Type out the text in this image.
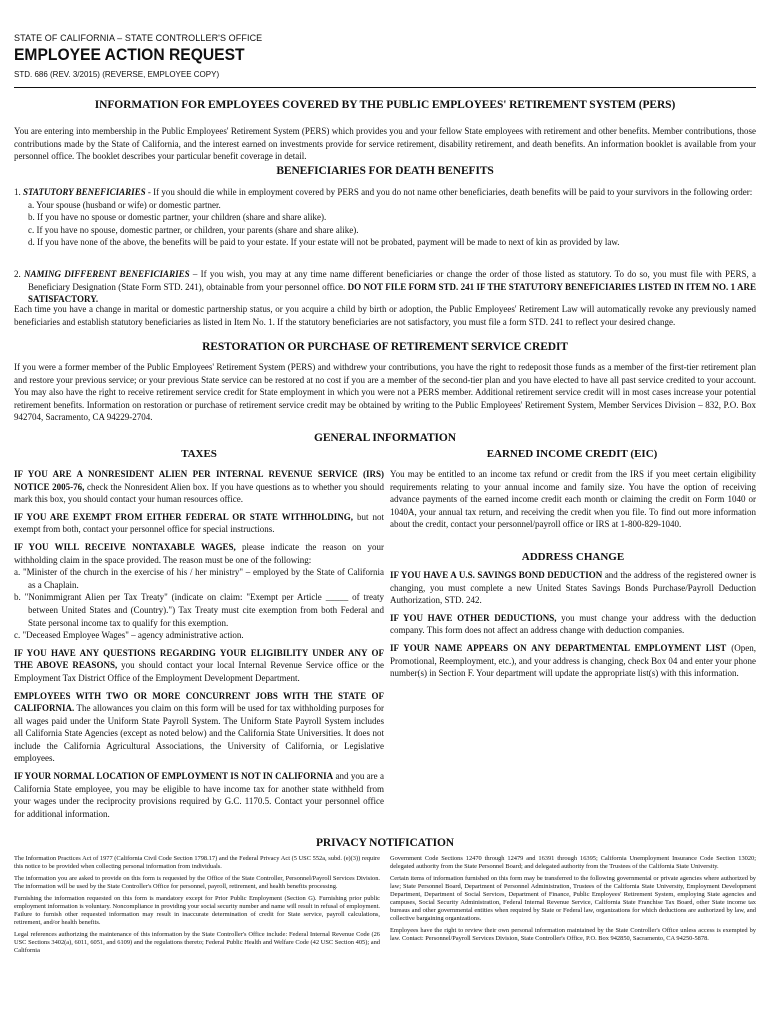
STATE OF CALIFORNIA – STATE CONTROLLER'S OFFICE
EMPLOYEE ACTION REQUEST
STD. 686 (REV. 3/2015) (REVERSE, EMPLOYEE COPY)
INFORMATION FOR EMPLOYEES COVERED BY THE PUBLIC EMPLOYEES' RETIREMENT SYSTEM (PERS)

You are entering into membership in the Public Employees' Retirement System (PERS) which provides you and your fellow State employees with retirement and other benefits. Member contributions, those contributions made by the State of California, and the interest earned on investments provide for service retirement, disability retirement, and death benefits. An information booklet is available from your personnel office. The booklet describes your particular benefit coverage in detail.

BENEFICIARIES FOR DEATH BENEFITS
1. STATUTORY BENEFICIARIES - If you should die while in employment covered by PERS and you do not name other beneficiaries, death benefits will be paid to your survivors in the following order:
a. Your spouse (husband or wife) or domestic partner.
b. If you have no spouse or domestic partner, your children (share and share alike).
c. If you have no spouse, domestic partner, or children, your parents (share and share alike).
d. If you have none of the above, the benefits will be paid to your estate. If your estate will not be probated, payment will be made to next of kin as provided by law.
2. NAMING DIFFERENT BENEFICIARIES – If you wish, you may at any time name different beneficiaries or change the order of those listed as statutory. To do so, you must file with PERS, a Beneficiary Designation (State Form STD. 241), obtainable from your personnel office. DO NOT FILE FORM STD. 241 IF THE STATUTORY BENEFICIARIES LISTED IN ITEM NO. 1 ARE SATISFACTORY.

Each time you have a change in marital or domestic partnership status, or you acquire a child by birth or adoption, the Public Employees' Retirement Law will automatically revoke any previously named beneficiaries and establish statutory beneficiaries as listed in Item No. 1. If the statutory beneficiaries are not satisfactory, you must file a form STD. 241 to reflect your desired change.

RESTORATION OR PURCHASE OF RETIREMENT SERVICE CREDIT

If you were a former member of the Public Employees' Retirement System (PERS) and withdrew your contributions, you have the right to redeposit those funds as a member of the first-tier retirement plan and restore your previous service; or your previous State service can be restored at no cost if you are a member of the second-tier plan and you have elected to have all past service credited to your account. You may also have the right to receive retirement service credit for State employment in which you were not a PERS member. Additional retirement service credit will in most cases increase your potential retirement benefits. Information on restoration or purchase of retirement service credit may be obtained by writing to the Public Employees' Retirement System, Member Services Division – 832, P.O. Box 942704, Sacramento, CA 94229-2704.

GENERAL INFORMATION
TAXES	EARNED INCOME CREDIT (EIC)

IF YOU ARE A NONRESIDENT ALIEN PER INTERNAL REVENUE SERVICE (IRS) NOTICE 2005-76, check the Nonresident Alien box. If you have questions as to whether you should mark this box, you should contact your human resources office.

IF YOU ARE EXEMPT FROM EITHER FEDERAL OR STATE WITHHOLDING, but not exempt from both, contact your personnel office for special instructions.

IF YOU WILL RECEIVE NONTAXABLE WAGES, please indicate the reason on your withholding claim in the space provided. The reason must be one of the following:
a. "Minister of the church in the exercise of his / her ministry" – employed by the State of California as a Chaplain.
b. "Nonimmigrant Alien per Tax Treaty" (indicate on claim: "Exempt per Article _____ of treaty between United States and (Country).") Tax Treaty must cite exemption from both Federal and State personal income tax to qualify for this exemption.
c. "Deceased Employee Wages" – agency administrative action.

IF YOU HAVE ANY QUESTIONS REGARDING YOUR ELIGIBILITY UNDER ANY OF THE ABOVE REASONS, you should contact your local Internal Revenue Service office or the Employment Tax District Office of the Employment Development Department.

EMPLOYEES WITH TWO OR MORE CONCURRENT JOBS WITH THE STATE OF CALIFORNIA. The allowances you claim on this form will be used for tax withholding purposes for all wages paid under the Uniform State Payroll System. The Uniform State Payroll System includes all California State Agencies (except as noted below) and the California State Universities. It does not include the California Agricultural Associations, the University of California, or Legislative employees.

IF YOUR NORMAL LOCATION OF EMPLOYMENT IS NOT IN CALIFORNIA and you are a California State employee, you may be eligible to have income tax for another state withheld from your wages under the reciprocity provisions required by G.C. 1170.5. Contact your personnel office for additional information.

You may be entitled to an income tax refund or credit from the IRS if you meet certain eligibility requirements relating to your annual income and family size. You have the option of receiving advance payments of the earned income credit each month or claiming the credit on Form 1040 or 1040A, your annual tax return, and receiving the credit when you file. To find out more information about the credit, contact your personnel/payroll office or IRS at 1-800-829-1040.

ADDRESS CHANGE

IF YOU HAVE A U.S. SAVINGS BOND DEDUCTION and the address of the registered owner is changing, you must complete a new United States Savings Bonds Purchase/Payroll Deduction Authorization, STD. 242.

IF YOU HAVE OTHER DEDUCTIONS, you must change your address with the deduction company. This form does not affect an address change with deduction companies.

IF YOUR NAME APPEARS ON ANY DEPARTMENTAL EMPLOYMENT LIST (Open, Promotional, Reemployment, etc.), and your address is changing, check Box 04 and enter your phone number(s) in Section F. Your department will update the appropriate list(s) with this information.

PRIVACY NOTIFICATION

The Information Practices Act of 1977 (California Civil Code Section 1798.17) and the Federal Privacy Act (5 USC 552a, subd. (e)(3)) require this notice to be provided when collecting personal information from individuals.

The information you are asked to provide on this form is requested by the Office of the State Controller, Personnel/Payroll Services Division. The information will be used by the State Controller's Office for personnel, payroll, retirement, and health benefits processing.

Furnishing the information requested on this form is mandatory except for Prior Public Employment (Section G). Furnishing prior public employment information is voluntary. Noncompliance in providing your social security number and name will result in refusal of employment. Failure to furnish other requested information may result in inaccurate determination of credit for State service, payroll calculations, retirement, and/or health benefits.

Legal references authorizing the maintenance of this information by the State Controller's Office include: Federal Internal Revenue Code (26 USC Sections 3402(a), 6011, 6051, and 6109) and the regulations thereto; Federal Public Health and Welfare Code (42 USC Section 405); and California

Government Code Sections 12470 through 12479 and 16391 through 16395; California Unemployment Insurance Code Section 13020; delegated authority from the State Personnel Board; and delegated authority from the Trustees of the California State University.

Certain items of information furnished on this form may be transferred to the following governmental or private agencies where authorized by law; State Personnel Board, Department of Personnel Administration, Trustees of the California State University, Employment Development Department, Department of Social Services, Department of Finance, Public Employees' Retirement System, employing State agencies and campuses, Social Security Administration, Federal Internal Revenue Service, California State Franchise Tax Board, other State income tax bureaus and other governmental entities when required by State or Federal law, organizations for which deductions are authorized by law, and collective bargaining organizations.

Employees have the right to review their own personal information maintained by the State Controller's Office unless access is exempted by law. Contact: Personnel/Payroll Services Division, State Controller's Office, P.O. Box 942850, Sacramento, CA 94250-5878.
